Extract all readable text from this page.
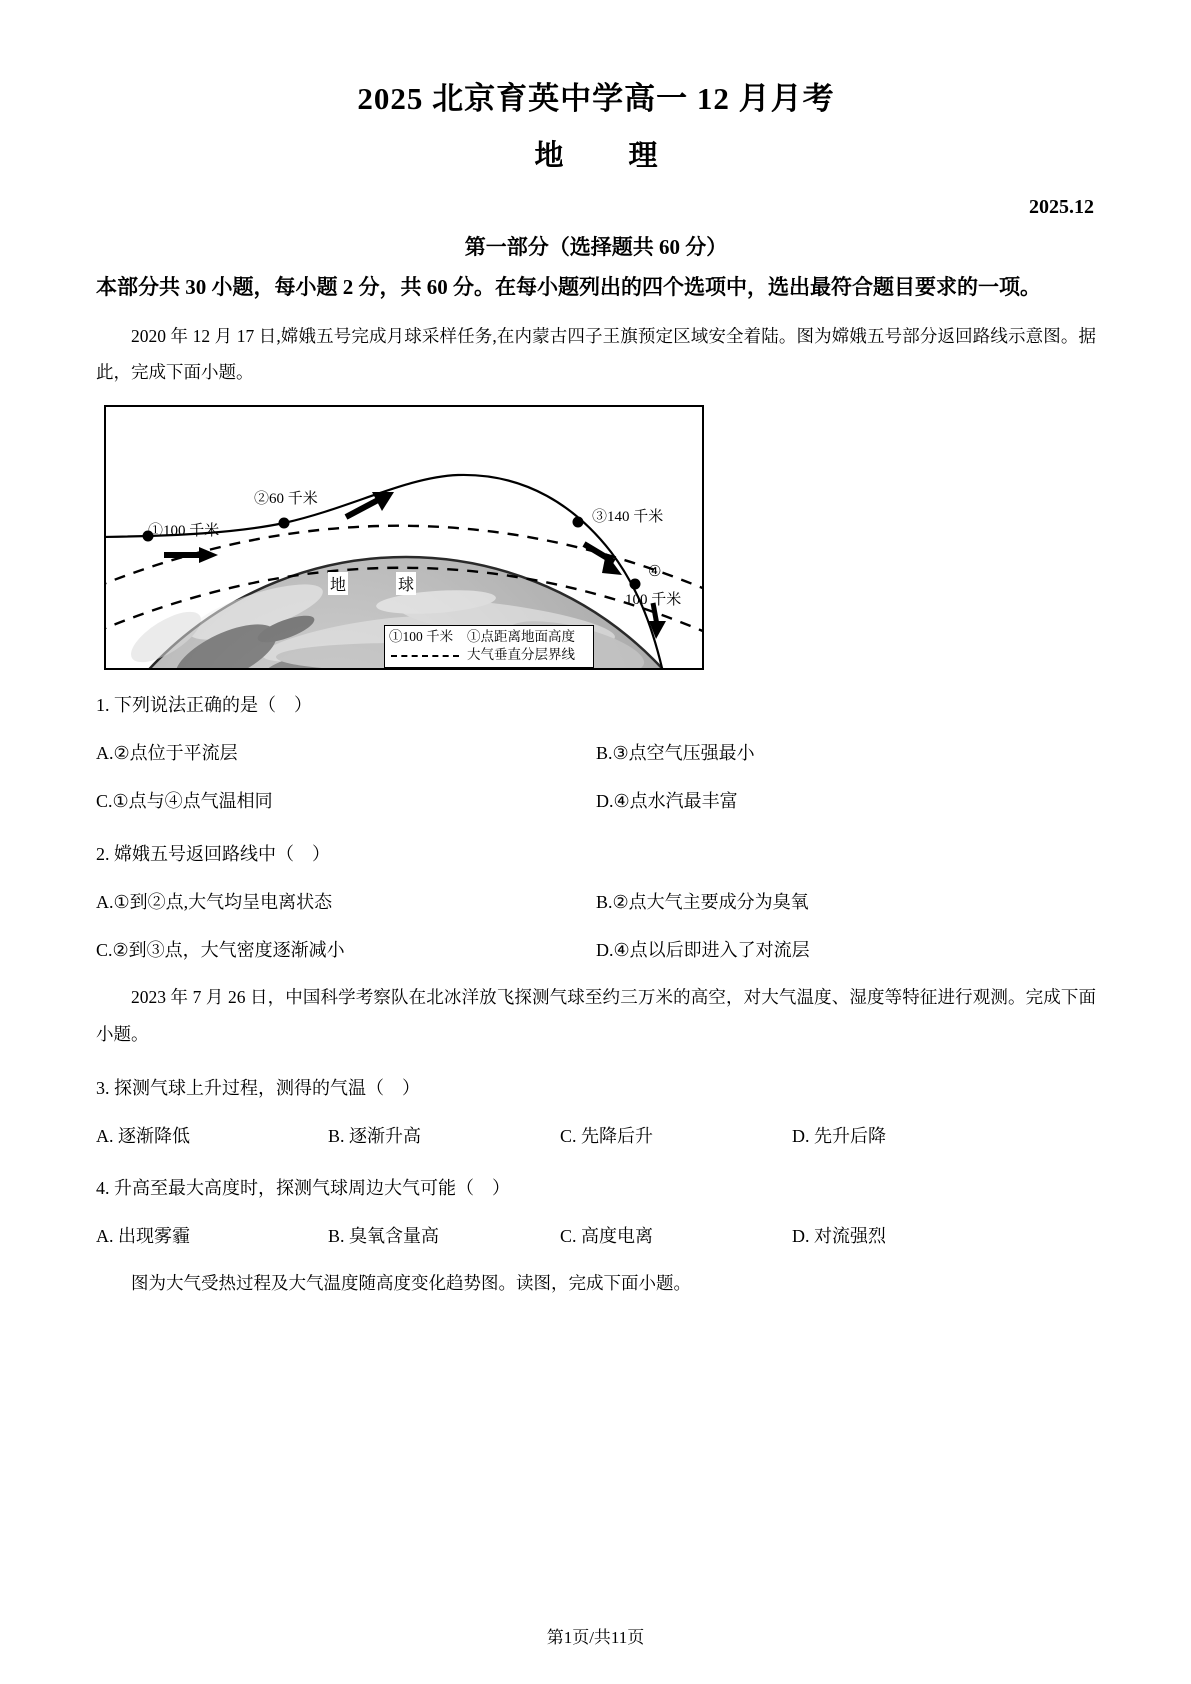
2025 北京育英中学高一 12 月月考
地　理
2025.12
第一部分（选择题共 60 分）
本部分共 30 小题，每小题 2 分，共 60 分。在每小题列出的四个选项中，选出最符合题目要求的一项。
2020 年 12 月 17 日,嫦娥五号完成月球采样任务,在内蒙古四子王旗预定区域安全着陆。图为嫦娥五号部分返回路线示意图。据此，完成下面小题。
①100 千米
②60 千米
③140 千米
④
100 千米
地	球
①100 千米	①点距离地面高度
大气垂直分层界线
1. 下列说法正确的是（　）
A.②点位于平流层	B.③点空气压强最小
C.①点与④点气温相同	D.④点水汽最丰富
2. 嫦娥五号返回路线中（　）
A.①到②点,大气均呈电离状态	B.②点大气主要成分为臭氧
C.②到③点，大气密度逐渐减小	D.④点以后即进入了对流层
2023 年 7 月 26 日，中国科学考察队在北冰洋放飞探测气球至约三万米的高空，对大气温度、湿度等特征进行观测。完成下面小题。
3. 探测气球上升过程，测得的气温（　）
A. 逐渐降低	B. 逐渐升高	C. 先降后升	D. 先升后降
4. 升高至最大高度时，探测气球周边大气可能（　）
A. 出现雾霾	B. 臭氧含量高	C. 高度电离	D. 对流强烈
图为大气受热过程及大气温度随高度变化趋势图。读图，完成下面小题。
第1页/共11页
